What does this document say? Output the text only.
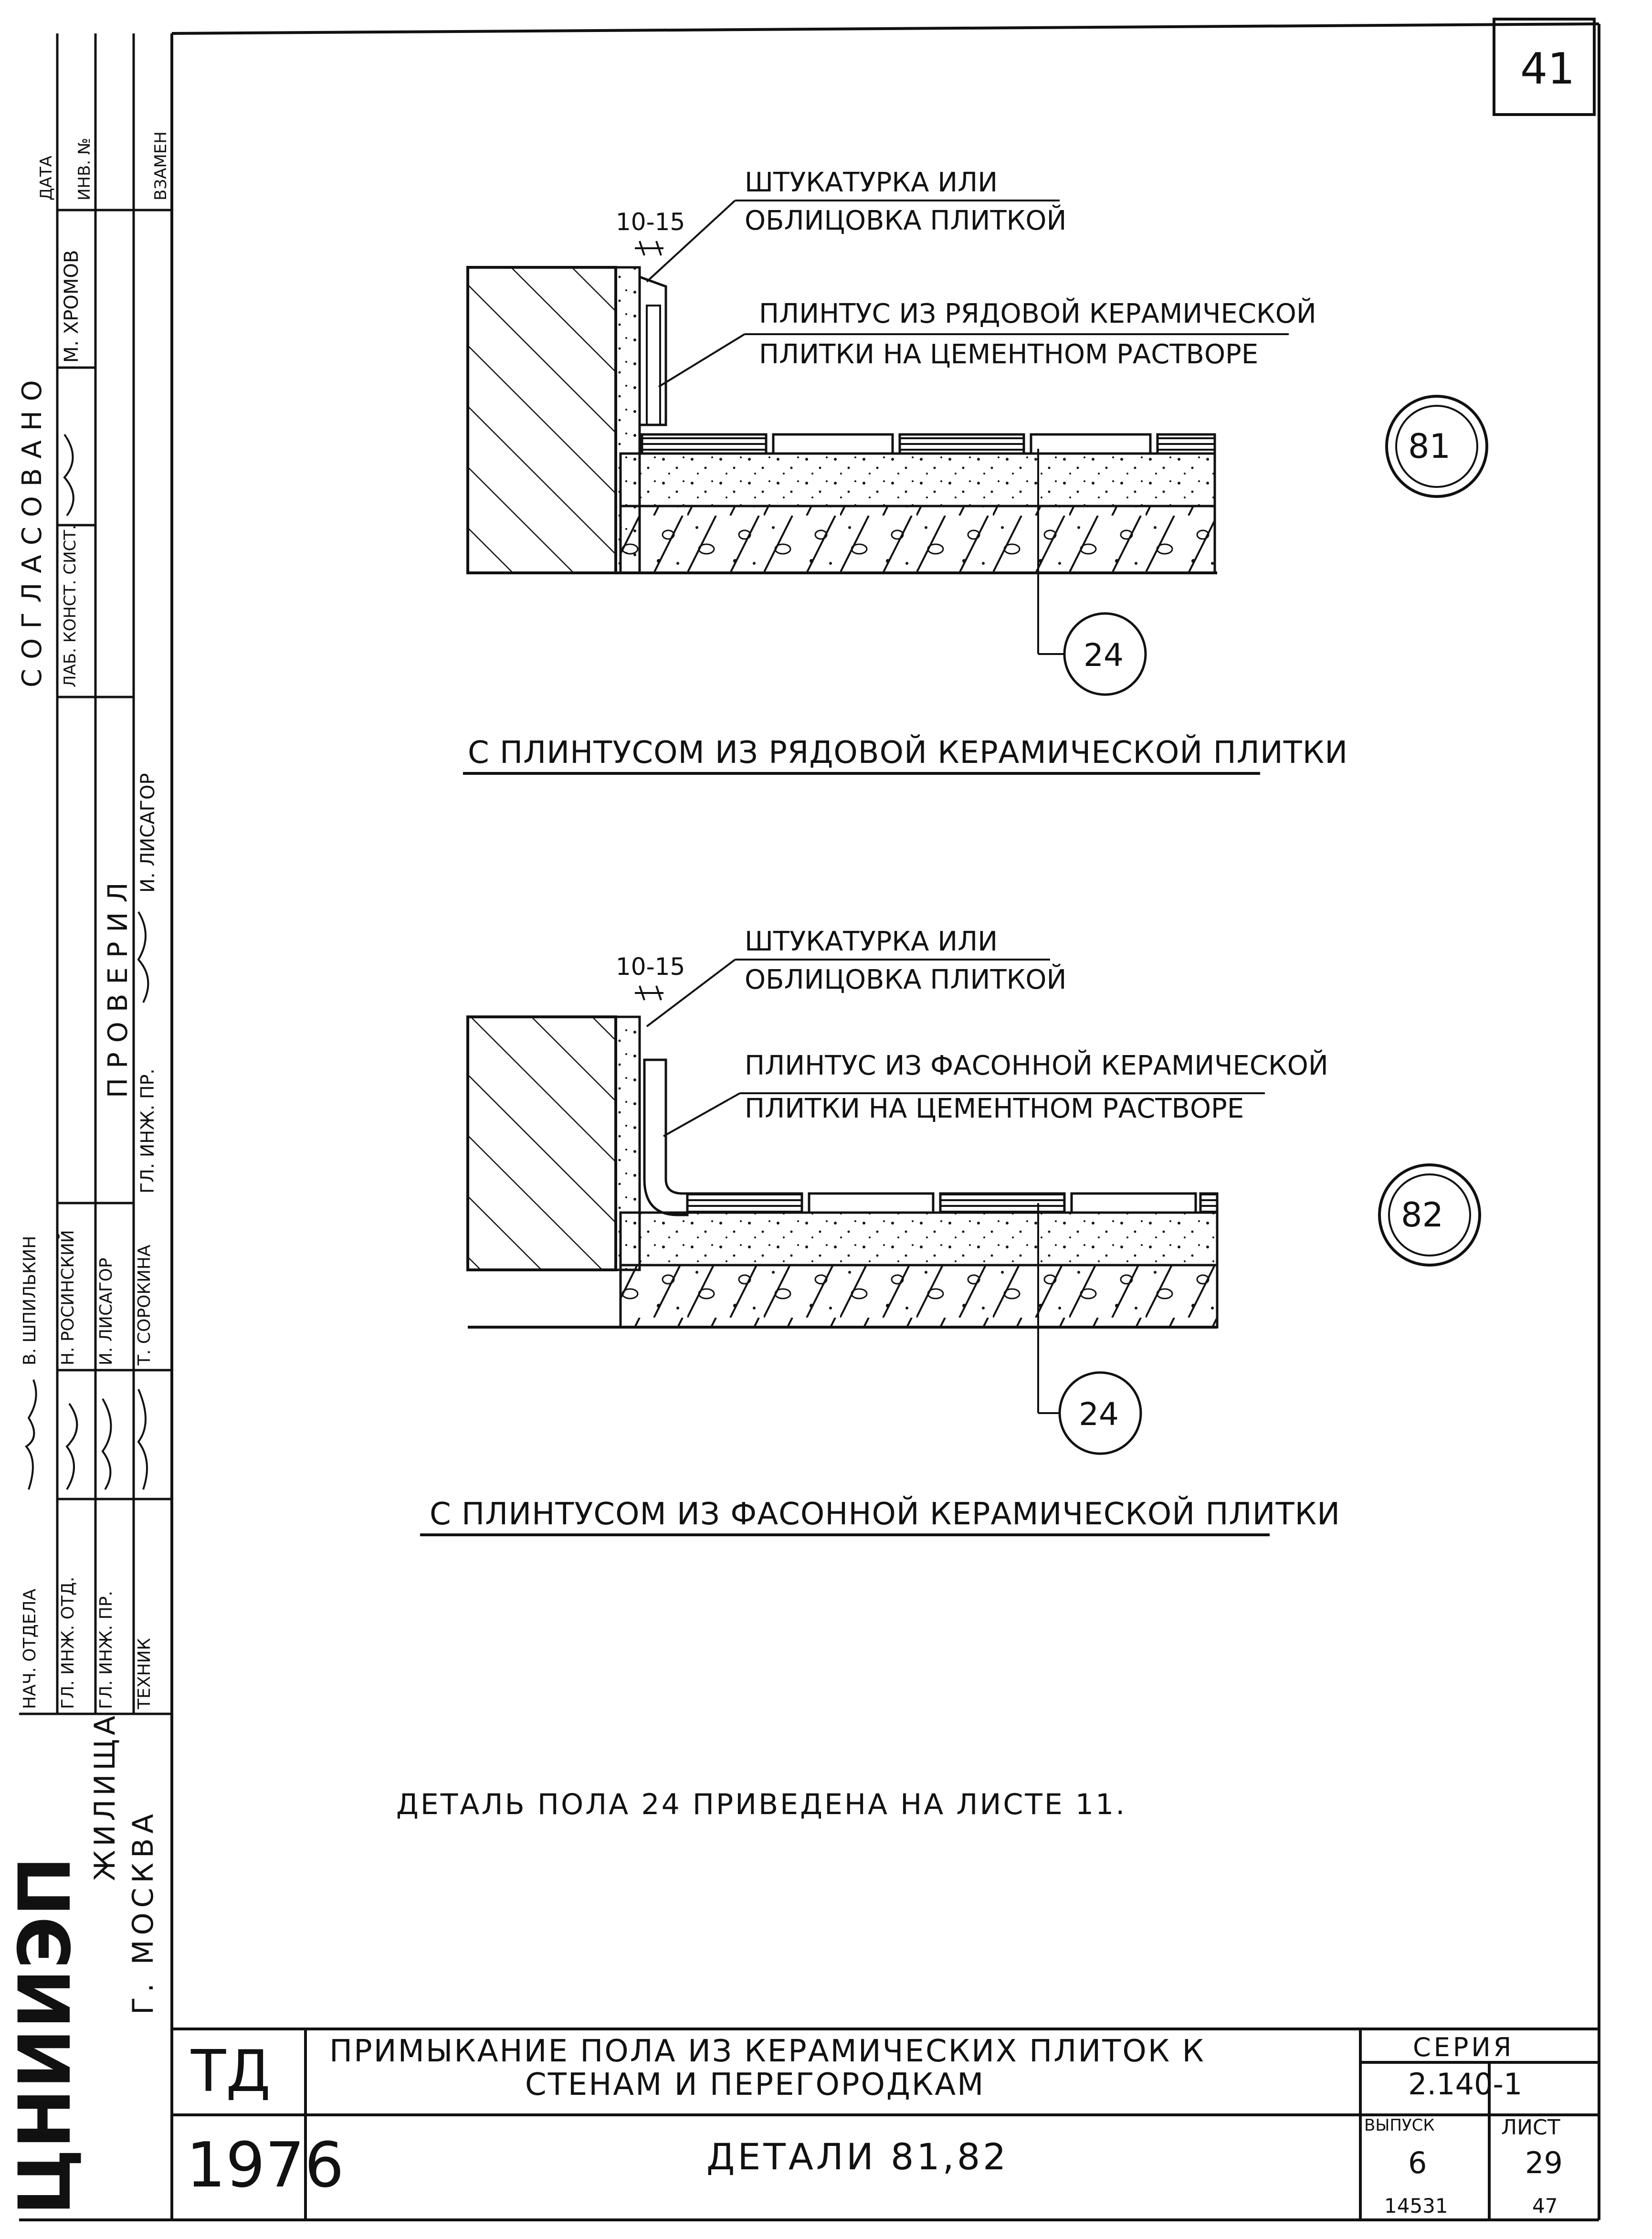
41
10-15
ШТУКАТУРКА ИЛИ
ОБЛИЦОВКА ПЛИТКОЙ
ПЛИНТУС ИЗ РЯДОВОЙ КЕРАМИЧЕСКОЙ
ПЛИТКИ НА ЦЕМЕНТНОМ РАСТВОРЕ
81
24
С ПЛИНТУСОМ ИЗ РЯДОВОЙ КЕРАМИЧЕСКОЙ ПЛИТКИ
10-15
ШТУКАТУРКА ИЛИ
ОБЛИЦОВКА ПЛИТКОЙ
ПЛИНТУС ИЗ ФАСОННОЙ КЕРАМИЧЕСКОЙ
ПЛИТКИ НА ЦЕМЕНТНОМ РАСТВОРЕ
82
24
С ПЛИНТУСОМ ИЗ ФАСОННОЙ КЕРАМИЧЕСКОЙ ПЛИТКИ
ДЕТАЛЬ ПОЛА 24 ПРИВЕДЕНА НА ЛИСТЕ 11.
ТД
1976
ПРИМЫКАНИЕ ПОЛА ИЗ КЕРАМИЧЕСКИХ ПЛИТОК К
СТЕНАМ И ПЕРЕГОРОДКАМ
ДЕТАЛИ 81,82
СЕРИЯ
2.140-1
ВЫПУСК
6
ЛИСТ
29
14531	47
ЦНИИЭП
ЖИЛИЩА
Г. МОСКВА
ДАТА ИНВ. №	ВЗАМЕН
СОГЛАСОВАНО ЛАБ. КОНСТ. СИСТ.
М. ХРОМОВ
ПРОВЕРИЛ
ГЛ. ИНЖ. ПР.
И. ЛИСАГОР
НАЧ. ОТДЕЛА
В. ШПИЛЬКИН
ГЛ. ИНЖ. ОТД.
Н. РОСИНСКИЙ
ГЛ. ИНЖ. ПР.
И. ЛИСАГОР
ТЕХНИК
Т. СОРОКИНА
